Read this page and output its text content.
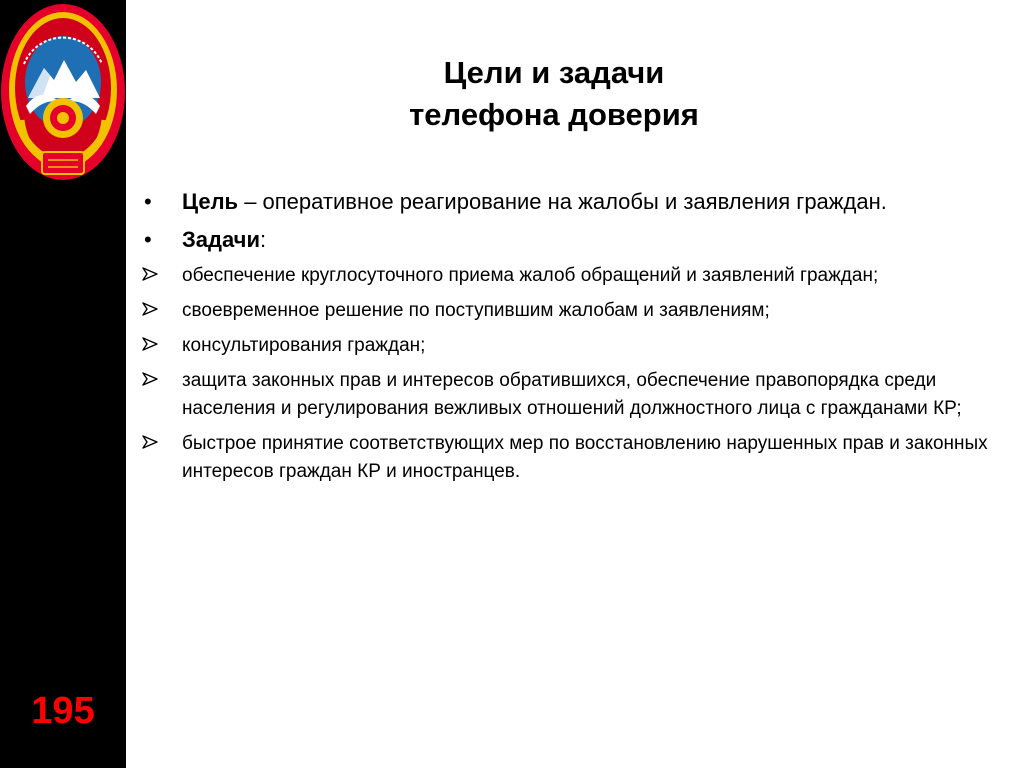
195
Цели и задачи
телефона доверия
•	Цель – оперативное реагирование на жалобы и заявления граждан.
•	Задачи:
обеспечение круглосуточного приема жалоб обращений и заявлений граждан;
своевременное решение по поступившим жалобам и заявлениям;
консультирования граждан;
защита законных прав и интересов обратившихся, обеспечение правопорядка среди населения и регулирования вежливых отношений должностного лица с гражданами КР;
быстрое принятие соответствующих мер по восстановлению нарушенных прав и законных интересов граждан КР и иностранцев.
